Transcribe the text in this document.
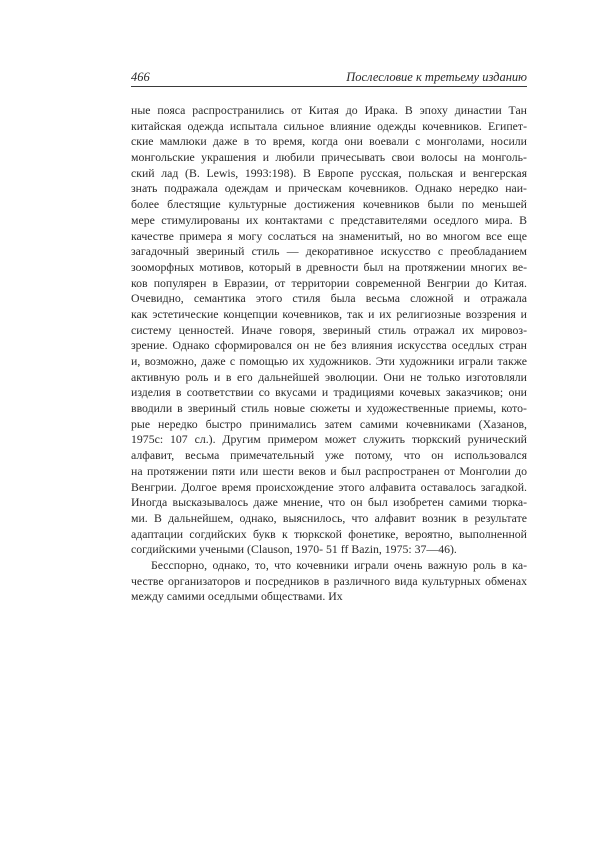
466	Послесловие к третьему изданию
ные пояса распространились от Китая до Ирака. В эпоху династии Тан
китайская одежда испытала сильное влияние одежды кочевников. Египет-
ские мамлюки даже в то время, когда они воевали с монголами, носили
монгольские украшения и любили причесывать свои волосы на монголь-
ский лад (B. Lewis, 1993:198). В Европе русская, польская и венгерская
знать подражала одеждам и прическам кочевников. Однако нередко наи-
более блестящие культурные достижения кочевников были по меньшей
мере стимулированы их контактами с представителями оседлого мира. В
качестве примера я могу сослаться на знаменитый, но во многом все еще
загадочный звериный стиль — декоративное искусство с преобладанием
зооморфных мотивов, который в древности был на протяжении многих ве-
ков популярен в Евразии, от территории современной Венгрии до Китая.
Очевидно, семантика этого стиля была весьма сложной и отражала
как эстетические концепции кочевников, так и их религиозные воззрения и
систему ценностей. Иначе говоря, звериный стиль отражал их мировоз-
зрение. Однако сформировался он не без влияния искусства оседлых стран
и, возможно, даже с помощью их художников. Эти художники играли также
активную роль и в его дальнейшей эволюции. Они не только изготовляли
изделия в соответствии со вкусами и традициями кочевых заказчиков; они
вводили в звериный стиль новые сюжеты и художественные приемы, кото-
рые нередко быстро принимались затем самими кочевниками (Хазанов,
1975с: 107 сл.). Другим примером может служить тюркский рунический
алфавит, весьма примечательный уже потому, что он использовался
на протяжении пяти или шести веков и был распространен от Монголии до
Венгрии. Долгое время происхождение этого алфавита оставалось загадкой.
Иногда высказывалось даже мнение, что он был изобретен самими тюрка-
ми. В дальнейшем, однако, выяснилось, что алфавит возник в результате
адаптации согдийских букв к тюркской фонетике, вероятно, выполненной
согдийскими учеными (Clauson, 1970- 51 ff Bazin, 1975: 37—46).
Бесспорно, однако, то, что кочевники играли очень важную роль в ка-
честве организаторов и посредников в различного вида культурных обменах
между самими оседлыми обществами. Их
